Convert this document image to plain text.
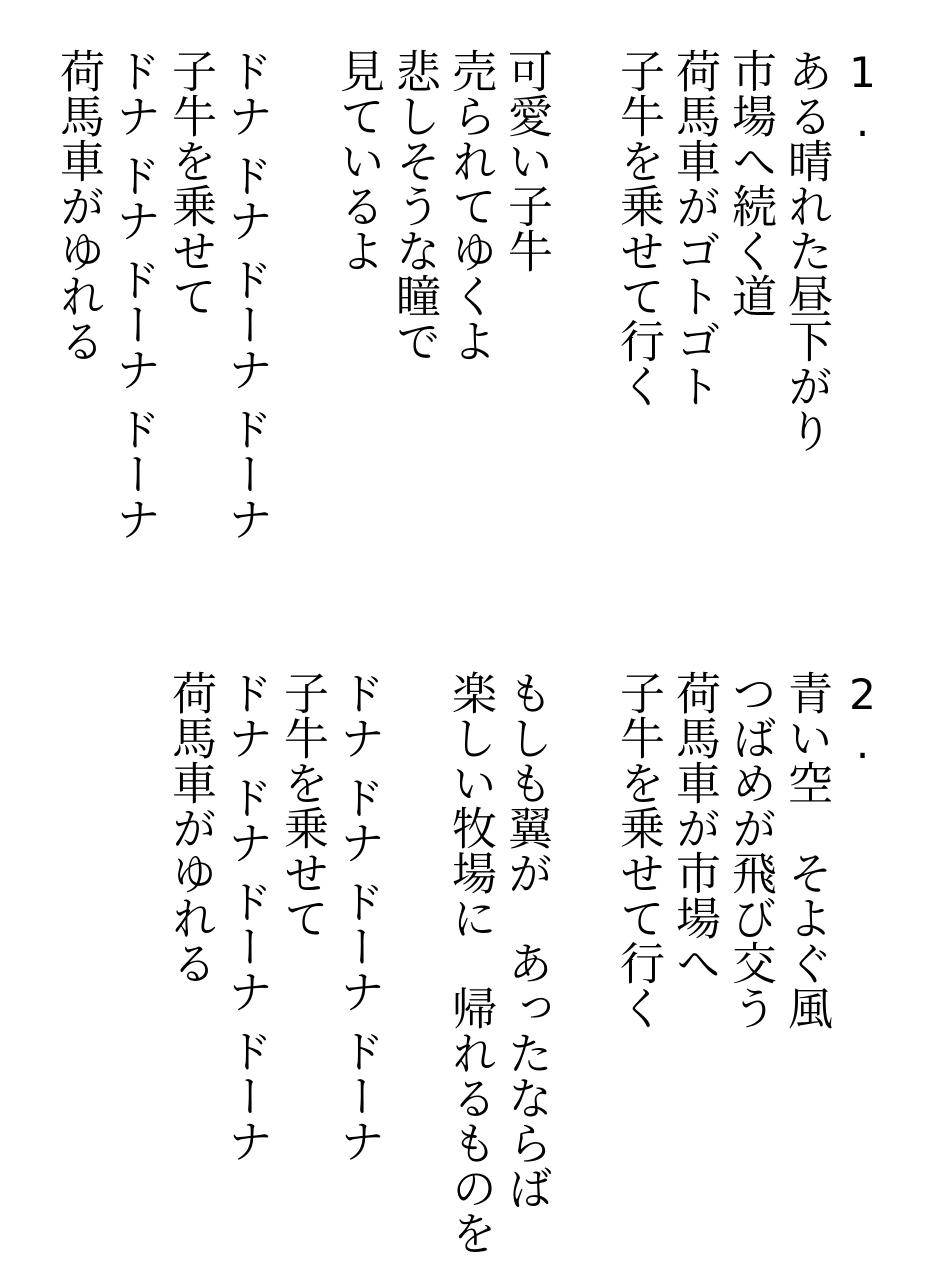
1.
ある晴れた昼下がり
市場へ続く道
荷馬車がゴトゴト
子牛を乗せて行く
可愛い子牛
売られてゆくよ
悲しそうな瞳で
見ているよ
ドナ ドナ ドーナ ドーナ
子牛を乗せて
ドナ ドナ ドーナ ドーナ
荷馬車がゆれる
2.
青い空　そよぐ風
つばめが飛び交う
荷馬車が市場へ
子牛を乗せて行く
もしも翼が　あったならば
楽しい牧場に　帰れるものを
ドナ ドナ ドーナ ドーナ
子牛を乗せて
ドナ ドナ ドーナ ドーナ
荷馬車がゆれる
